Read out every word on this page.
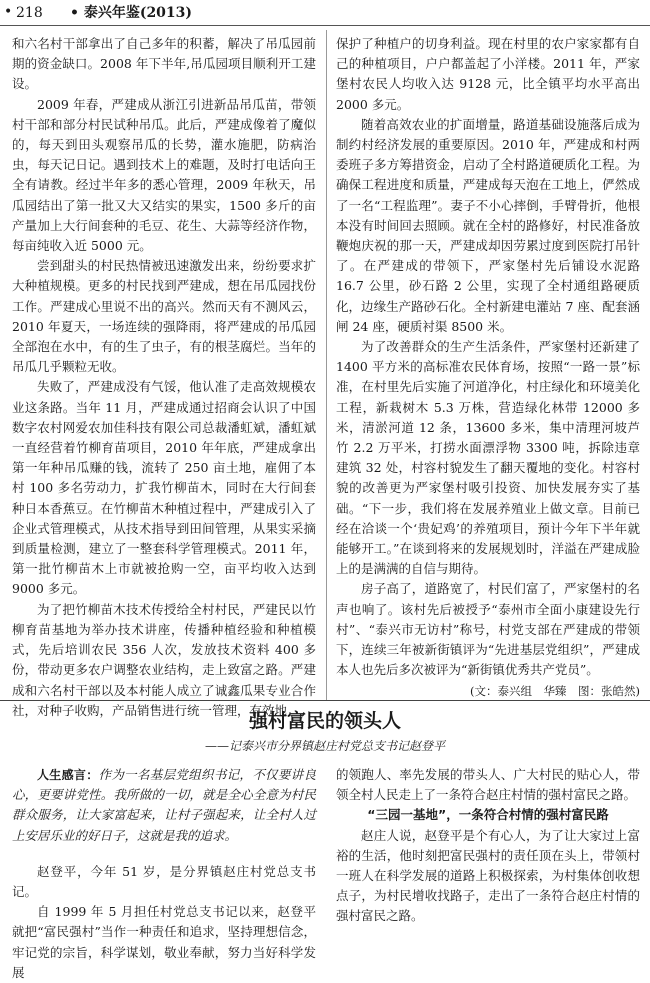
• 218 • 泰兴年鉴(2013)

和六名村干部拿出了自己多年的积蓄，解决了吊瓜园前期的资金缺口。2008 年下半年,吊瓜园项目顺利开工建设。

2009 年春，严建成从浙江引进新品吊瓜苗，带领村干部和部分村民试种吊瓜。此后，严建成像着了魔似的，每天到田头观察吊瓜的长势，灌水施肥，防病治虫，每天记日记。遇到技术上的难题，及时打电话向王全有请教。经过半年多的悉心管理，2009 年秋天，吊瓜园结出了第一批又大又结实的果实，1500 多斤的亩产量加上大行间套种的毛豆、花生、大蒜等经济作物，每亩纯收入近 5000 元。

尝到甜头的村民热情被迅速激发出来，纷纷要求扩大种植规模。更多的村民找到严建成，想在吊瓜园找份工作。严建成心里说不出的高兴。然而天有不测风云，2010 年夏天，一场连续的强降雨，将严建成的吊瓜园全部泡在水中，有的生了虫子，有的根茎腐烂。当年的吊瓜几乎颗粒无收。

失败了，严建成没有气馁，他认准了走高效规模农业这条路。当年 11 月，严建成通过招商会认识了中国数字农村网爱农加佳科技有限公司总裁潘虹斌，潘虹斌一直经营着竹柳育苗项目，2010 年年底，严建成拿出第一年种吊瓜赚的钱，流转了 250 亩土地，雇佣了本村 100 多名劳动力，扩我竹柳苗木，同时在大行间套种日本香蕉豆。在竹柳苗木种植过程中，严建成引入了企业式管理模式，从技术指导到田间管理，从果实采摘到质量检测，建立了一整套科学管理模式。2011 年，第一批竹柳苗木上市就被抢购一空，亩平均收入达到 9000 多元。

为了把竹柳苗木技术传授给全村村民，严建民以竹柳育苗基地为举办技术讲座，传播种植经验和种植模式，先后培训农民 356 人次，发放技术资料 400 多份，带动更多农户调整农业结构，走上致富之路。严建成和六名村干部以及本村能人成立了诚鑫瓜果专业合作社，对种子收购，产品销售进行统一管理，有效地

保护了种植户的切身利益。现在村里的农户家家都有自己的种植项目，户户都盖起了小洋楼。2011 年，严家堡村农民人均收入达 9128 元，比全镇平均水平高出 2000 多元。

随着高效农业的扩面增量，路道基础设施落后成为制约村经济发展的重要原因。2010 年，严建成和村两委班子多方筹措资金，启动了全村路道硬质化工程。为确保工程进度和质量，严建成每天泡在工地上，俨然成了一名“工程监理”。妻子不小心摔倒，手臂骨折，他根本没有时间回去照顾。就在全村的路修好，村民准备放鞭炮庆祝的那一天，严建成却因劳累过度到医院打吊针了。在严建成的带领下，严家堡村先后铺设水泥路 16.7 公里，砂石路 2 公里，实现了全村通组路硬质化，边缘生产路砂石化。全村新建电灌站 7 座、配套涵闸 24 座，硬质衬渠 8500 米。

为了改善群众的生产生活条件，严家堡村还新建了 1400 平方米的高标准农民体育场，按照“一路一景”标准，在村里先后实施了河道净化，村庄绿化和环境美化工程，新栽树木 5.3 万株，营造绿化林带 12000 多米，清淤河道 12 条，13600 多米，集中清理河坡芦竹 2.2 万平米，打捞水面漂浮物 3300 吨，拆除违章建筑 32 处，村容村貌发生了翻天覆地的变化。村容村貌的改善更为严家堡村吸引投资、加快发展夯实了基础。“下一步，我们将在发展养殖业上做文章。目前已经在洽谈一个‘贵妃鸡’的养殖项目，预计今年下半年就能够开工。”在谈到将来的发展规划时，洋溢在严建成脸上的是满满的自信与期待。

房子高了，道路宽了，村民们富了，严家堡村的名声也响了。该村先后被授予“泰州市全面小康建设先行村”、“泰兴市无访村”称号，村党支部在严建成的带领下，连续三年被新街镇评为“先进基层党组织”，严建成本人也先后多次被评为“新街镇优秀共产党员”。

(文：泰兴组　华臻　图：张皓然)

强村富民的领头人
——记泰兴市分界镇赵庄村党总支书记赵登平

人生感言：作为一名基层党组织书记，不仅要讲良心，更要讲党性。我所做的一切，就是全心全意为村民群众服务，让大家富起来，让村子强起来，让全村人过上安居乐业的好日子，这就是我的追求。

赵登平，今年 51 岁，是分界镇赵庄村党总支书记。

自 1999 年 5 月担任村党总支书记以来，赵登平就把“富民强村”当作一种责任和追求，坚持理想信念，牢记党的宗旨，科学谋划，敬业奉献，努力当好科学发展

的领跑人、率先发展的带头人、广大村民的贴心人，带领全村人民走上了一条符合赵庄村情的强村富民之路。

“三园一基地”，一条符合村情的强村富民路

赵庄人说，赵登平是个有心人，为了让大家过上富裕的生活，他时刻把富民强村的责任顶在头上，带领村一班人在科学发展的道路上积极探索，为村集体创收想点子，为村民增收找路子，走出了一条符合赵庄村情的强村富民之路。
